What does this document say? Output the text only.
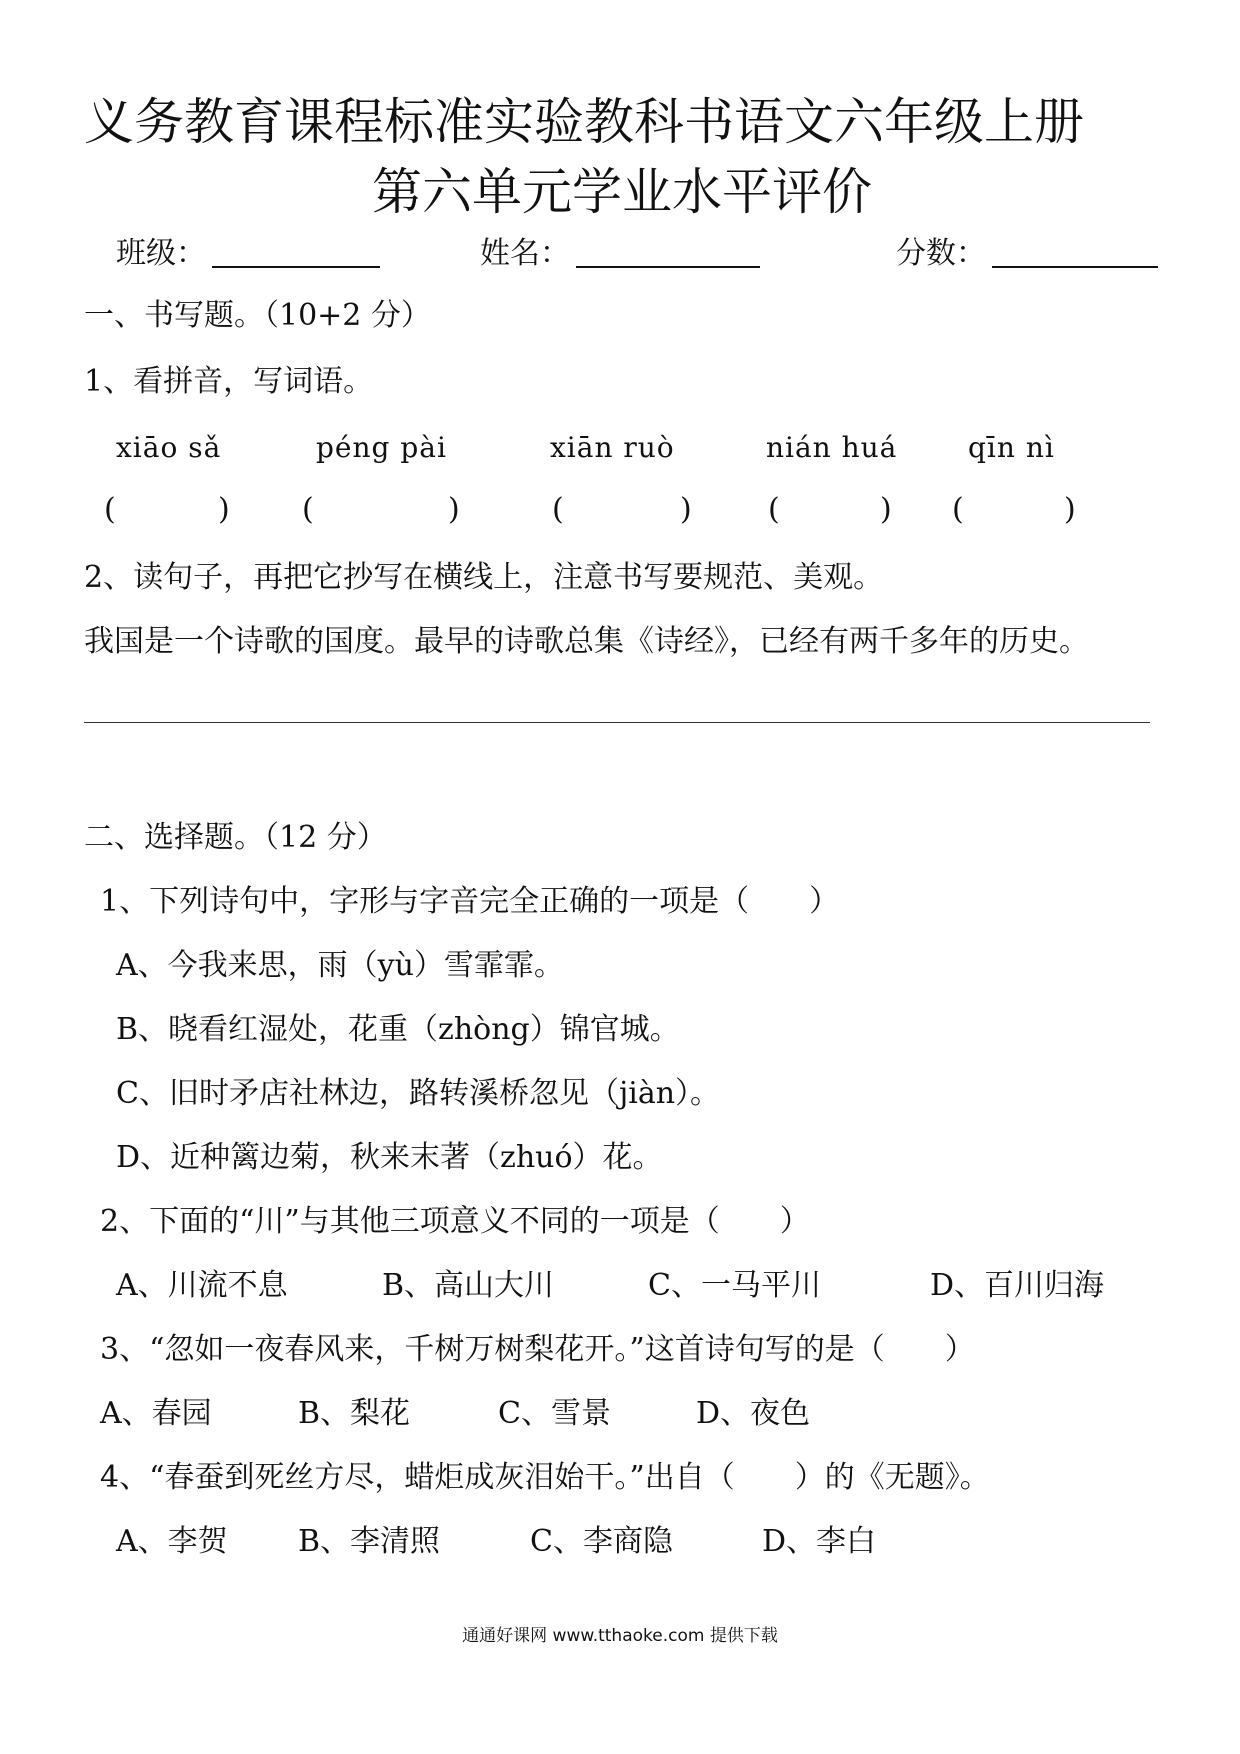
义务教育课程标准实验教科书语文六年级上册
第六单元学业水平评价
班级：	姓名：	分数：
一、书写题。（10+2 分）
1、看拼音，写词语。
xiāo sǎ	péng pài	xiān ruò	nián huá	qīn nì
(	) (	)	(	)	(	) (	)
2、读句子，再把它抄写在横线上，注意书写要规范、美观。
我国是一个诗歌的国度。最早的诗歌总集《诗经》，已经有两千多年的历史。
二、选择题。（12 分）
1、下列诗句中，字形与字音完全正确的一项是（　　）
A、今我来思，雨（yù）雪霏霏。
B、晓看红湿处，花重（zhòng）锦官城。
C、旧时矛店社林边，路转溪桥忽见（jiàn）。
D、近种篱边菊，秋来末著（zhuó）花。
2、下面的“川”与其他三项意义不同的一项是（　　）
A、川流不息	B、高山大川	C、一马平川	D、百川归海
3、“忽如一夜春风来，千树万树梨花开。”这首诗句写的是（　　）
A、春园	B、梨花	C、雪景	D、夜色
4、“春蚕到死丝方尽，蜡炬成灰泪始干。”出自（　　）的《无题》。
A、李贺 B、李清照	C、李商隐	D、李白
通通好课网 www.tthaoke.com 提供下载
